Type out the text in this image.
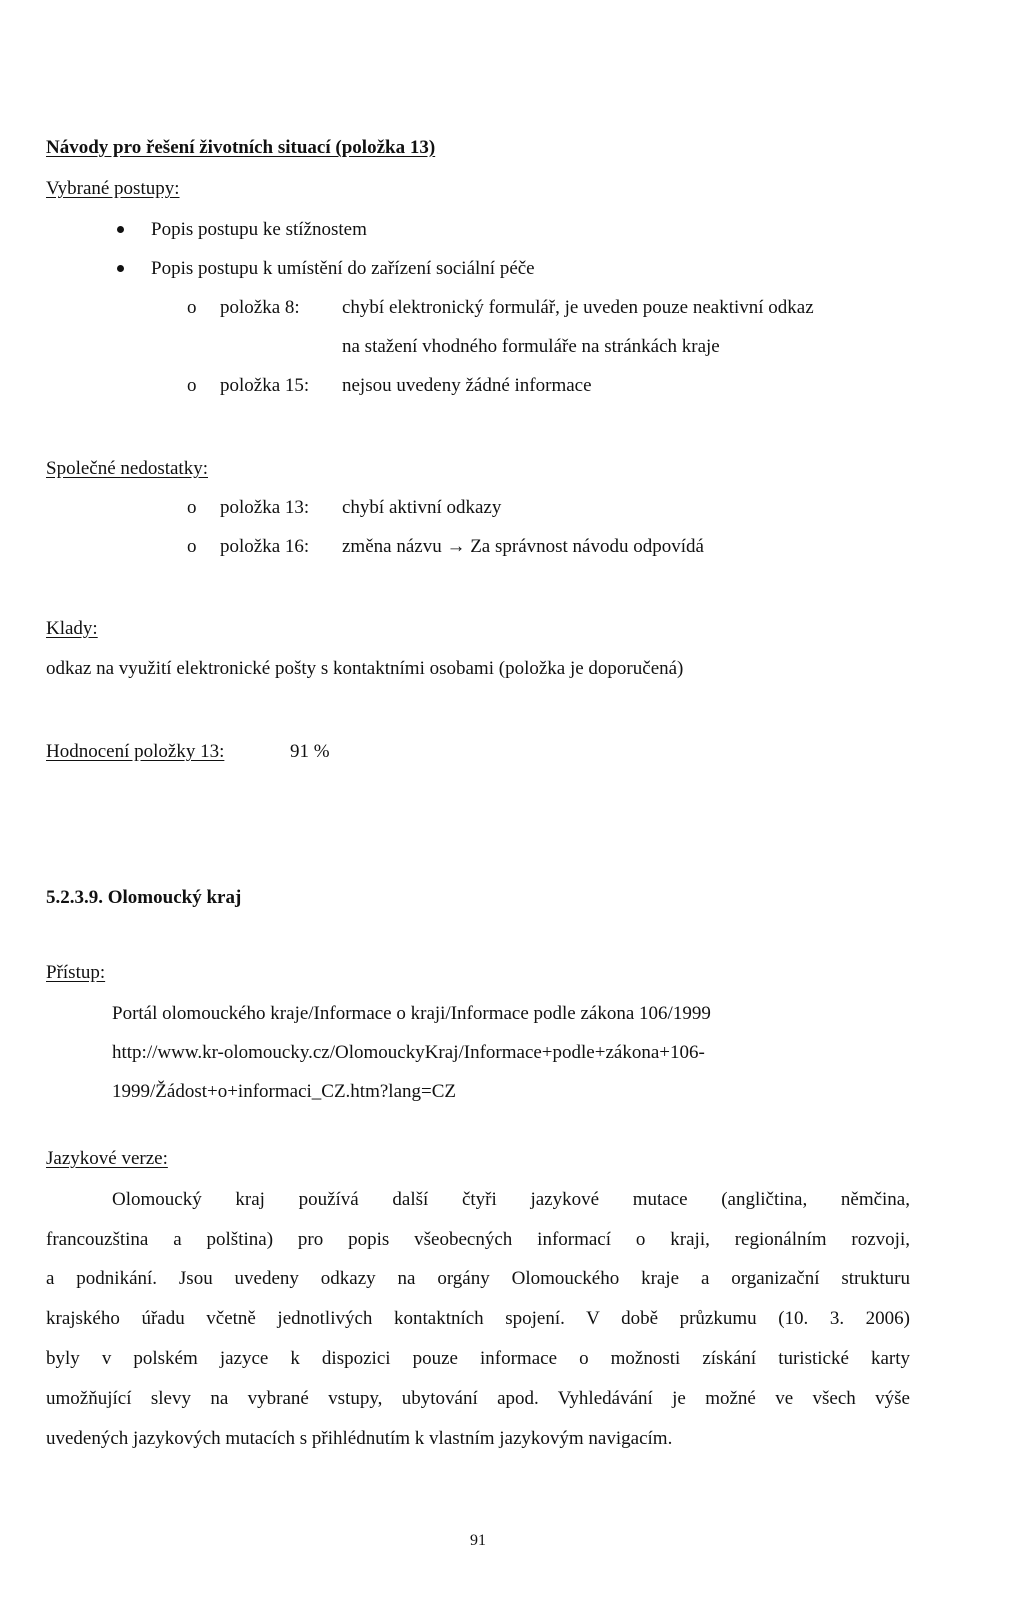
Návody pro řešení životních situací (položka 13)
Vybrané postupy:
Popis postupu ke stížnostem
Popis postupu k umístění do zařízení sociální péče
o položka 8: chybí elektronický formulář, je uveden pouze neaktivní odkaz
na stažení vhodného formuláře na stránkách kraje
o položka 15: nejsou uvedeny žádné informace
Společné nedostatky:
o položka 13: chybí aktivní odkazy
o položka 16: změna názvu → Za správnost návodu odpovídá
Klady:
odkaz na využití elektronické pošty s kontaktními osobami (položka je doporučená)
Hodnocení položky 13:	91 %
5.2.3.9. Olomoucký kraj
Přístup:
Portál olomouckého kraje/Informace o kraji/Informace podle zákona 106/1999
http://www.kr-olomoucky.cz/OlomouckyKraj/Informace+podle+zákona+106-
1999/Žádost+o+informaci_CZ.htm?lang=CZ
Jazykové verze:
Olomoucký kraj používá další čtyři jazykové mutace (angličtina, němčina,
francouzština a polština) pro popis všeobecných informací o kraji, regionálním rozvoji,
a podnikání. Jsou uvedeny odkazy na orgány Olomouckého kraje a organizační strukturu
krajského úřadu včetně jednotlivých kontaktních spojení. V době průzkumu (10. 3. 2006)
byly v polském jazyce k dispozici pouze informace o možnosti získání turistické karty
umožňující slevy na vybrané vstupy, ubytování apod. Vyhledávání je možné ve všech výše
uvedených jazykových mutacích s přihlédnutím k vlastním jazykovým navigacím.
91
